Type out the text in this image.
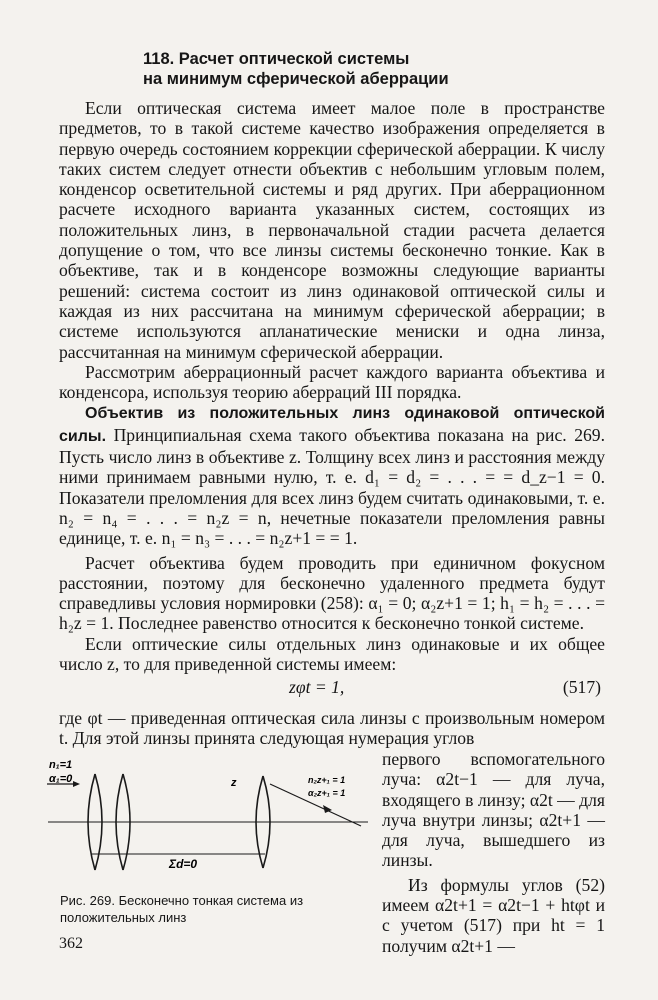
118. Расчет оптической системы
на минимум сферической аберрации

Если оптическая система имеет малое поле в пространстве предметов, то в такой системе качество изображения определяется в первую очередь состоянием коррекции сферической аберрации. К числу таких систем следует отнести объектив с небольшим угловым полем, конденсор осветительной системы и ряд других. При аберрационном расчете исходного варианта указанных систем, состоящих из положительных линз, в первоначальной стадии расчета делается допущение о том, что все линзы системы бесконечно тонкие. Как в объективе, так и в конденсоре возможны следующие варианты решений: система состоит из линз одинаковой оптической силы и каждая из них рассчитана на минимум сферической аберрации; в системе используются апланатические мениски и одна линза, рассчитанная на минимум сферической аберрации.

Рассмотрим аберрационный расчет каждого варианта объектива и конденсора, используя теорию аберраций III порядка.

Объектив из положительных линз одинаковой оптической силы. Принципиальная схема такого объектива показана на рис. 269. Пусть число линз в объективе z. Толщину всех линз и расстояния между ними принимаем равными нулю, т. е. d₁ = d₂ = . . . = = d_z−1 = 0. Показатели преломления для всех линз будем считать одинаковыми, т. е. n₂ = n₄ = . . . = n₂z = n, нечетные показатели преломления равны единице, т. е. n₁ = n₃ = . . . = n₂z+1 = = 1.

Расчет объектива будем проводить при единичном фокусном расстоянии, поэтому для бесконечно удаленного предмета будут справедливы условия нормировки (258): α₁ = 0; α₂z+1 = 1; h₁ = h₂ = . . . = h₂z = 1. Последнее равенство относится к бесконечно тонкой системе.

Если оптические силы отдельных линз одинаковые и их общее число z, то для приведенной системы имеем:

zφt = 1,	(517)

где φt — приведенная оптическая сила линзы с произвольным номером t. Для этой линзы принята следующая нумерация углов

первого вспомогательного луча: α2t−1 — для луча, входящего в линзу; α2t — для луча внутри линзы; α2t+1 — для луча, вышедшего из линзы.

Из формулы углов (52) имеем α2t+1 = α2t−1 + htφt и с учетом (517) при ht = 1 получим α2t+1 —

n₁=1
α₁=0	z	n₂z+₁ = 1
α₂z+₁ = 1
Σd=0
Рис. 269. Бесконечно тонкая система из положительных линз
362
